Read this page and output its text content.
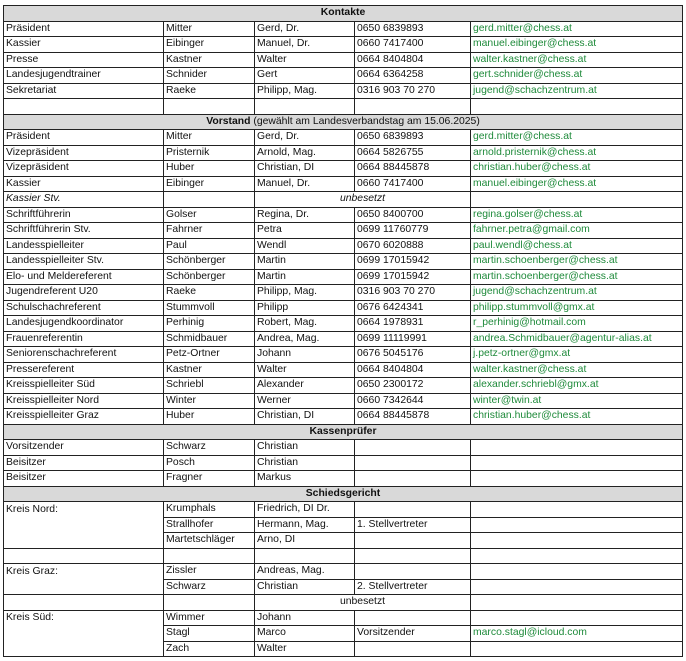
Kontakte				
Präsident	Mitter	Gerd, Dr.	0650 6839893	gerd.mitter@chess.at
Kassier	Eibinger	Manuel, Dr.	0660 7417400	manuel.eibinger@chess.at
Presse	Kastner	Walter	0664 8404804	walter.kastner@chess.at
Landesjugendtrainer	Schnider	Gert	0664 6364258	gert.schnider@chess.at
Sekretariat	Raeke	Philipp, Mag.	0316 903 70 270	jugend@schachzentrum.at

Vorstand (gewählt am Landesverbandstag am 15.06.2025)				
Präsident	Mitter	Gerd, Dr.	0650 6839893	gerd.mitter@chess.at
Vizepräsident	Pristernik	Arnold, Mag.	0664 5826755	arnold.pristernik@chess.at
Vizepräsident	Huber	Christian, DI	0664 88445878	christian.huber@chess.at
Kassier	Eibinger	Manuel, Dr.	0660 7417400	manuel.eibinger@chess.at
Kassier Stv.		unbesetzt		
Schriftführerin	Golser	Regina, Dr.	0650 8400700	regina.golser@chess.at
Schriftführerin Stv.	Fahrner	Petra	0699 11760779	fahrner.petra@gmail.com
Landesspielleiter	Paul	Wendl	0670 6020888	paul.wendl@chess.at
Landesspielleiter Stv.	Schönberger	Martin	0699 17015942	martin.schoenberger@chess.at
Elo- und Meldereferent	Schönberger	Martin	0699 17015942	martin.schoenberger@chess.at
Jugendreferent U20	Raeke	Philipp, Mag.	0316 903 70 270	jugend@schachzentrum.at
Schulschachreferent	Stummvoll	Philipp	0676 6424341	philipp.stummvoll@gmx.at
Landesjugendkoordinator	Perhinig	Robert, Mag.	0664 1978931	r_perhinig@hotmail.com
Frauenreferentin	Schmidbauer	Andrea, Mag.	0699 11119991	andrea.Schmidbauer@agentur-alias.at
Seniorenschachreferent	Petz-Ortner	Johann	0676 5045176	j.petz-ortner@gmx.at
Pressereferent	Kastner	Walter	0664 8404804	walter.kastner@chess.at
Kreisspielleiter Süd	Schriebl	Alexander	0650 2300172	alexander.schriebl@gmx.at
Kreisspielleiter Nord	Winter	Werner	0660 7342644	winter@twin.at
Kreisspielleiter Graz	Huber	Christian, DI	0664 88445878	christian.huber@chess.at
Kassenprüfer				
Vorsitzender	Schwarz	Christian		
Beisitzer	Posch	Christian		
Beisitzer	Fragner	Markus		
Schiedsgericht				
Kreis Nord:	Krumphals	Friedrich, DI Dr.		
	Strallhofer	Hermann, Mag.	1. Stellvertreter	
	Martetschläger	Arno, DI		

Kreis Graz:	Zissler	Andreas, Mag.		
	Schwarz	Christian	2. Stellvertreter	
		unbesetzt		
Kreis Süd:	Wimmer	Johann		
	Stagl	Marco	Vorsitzender	marco.stagl@icloud.com
	Zach	Walter		
